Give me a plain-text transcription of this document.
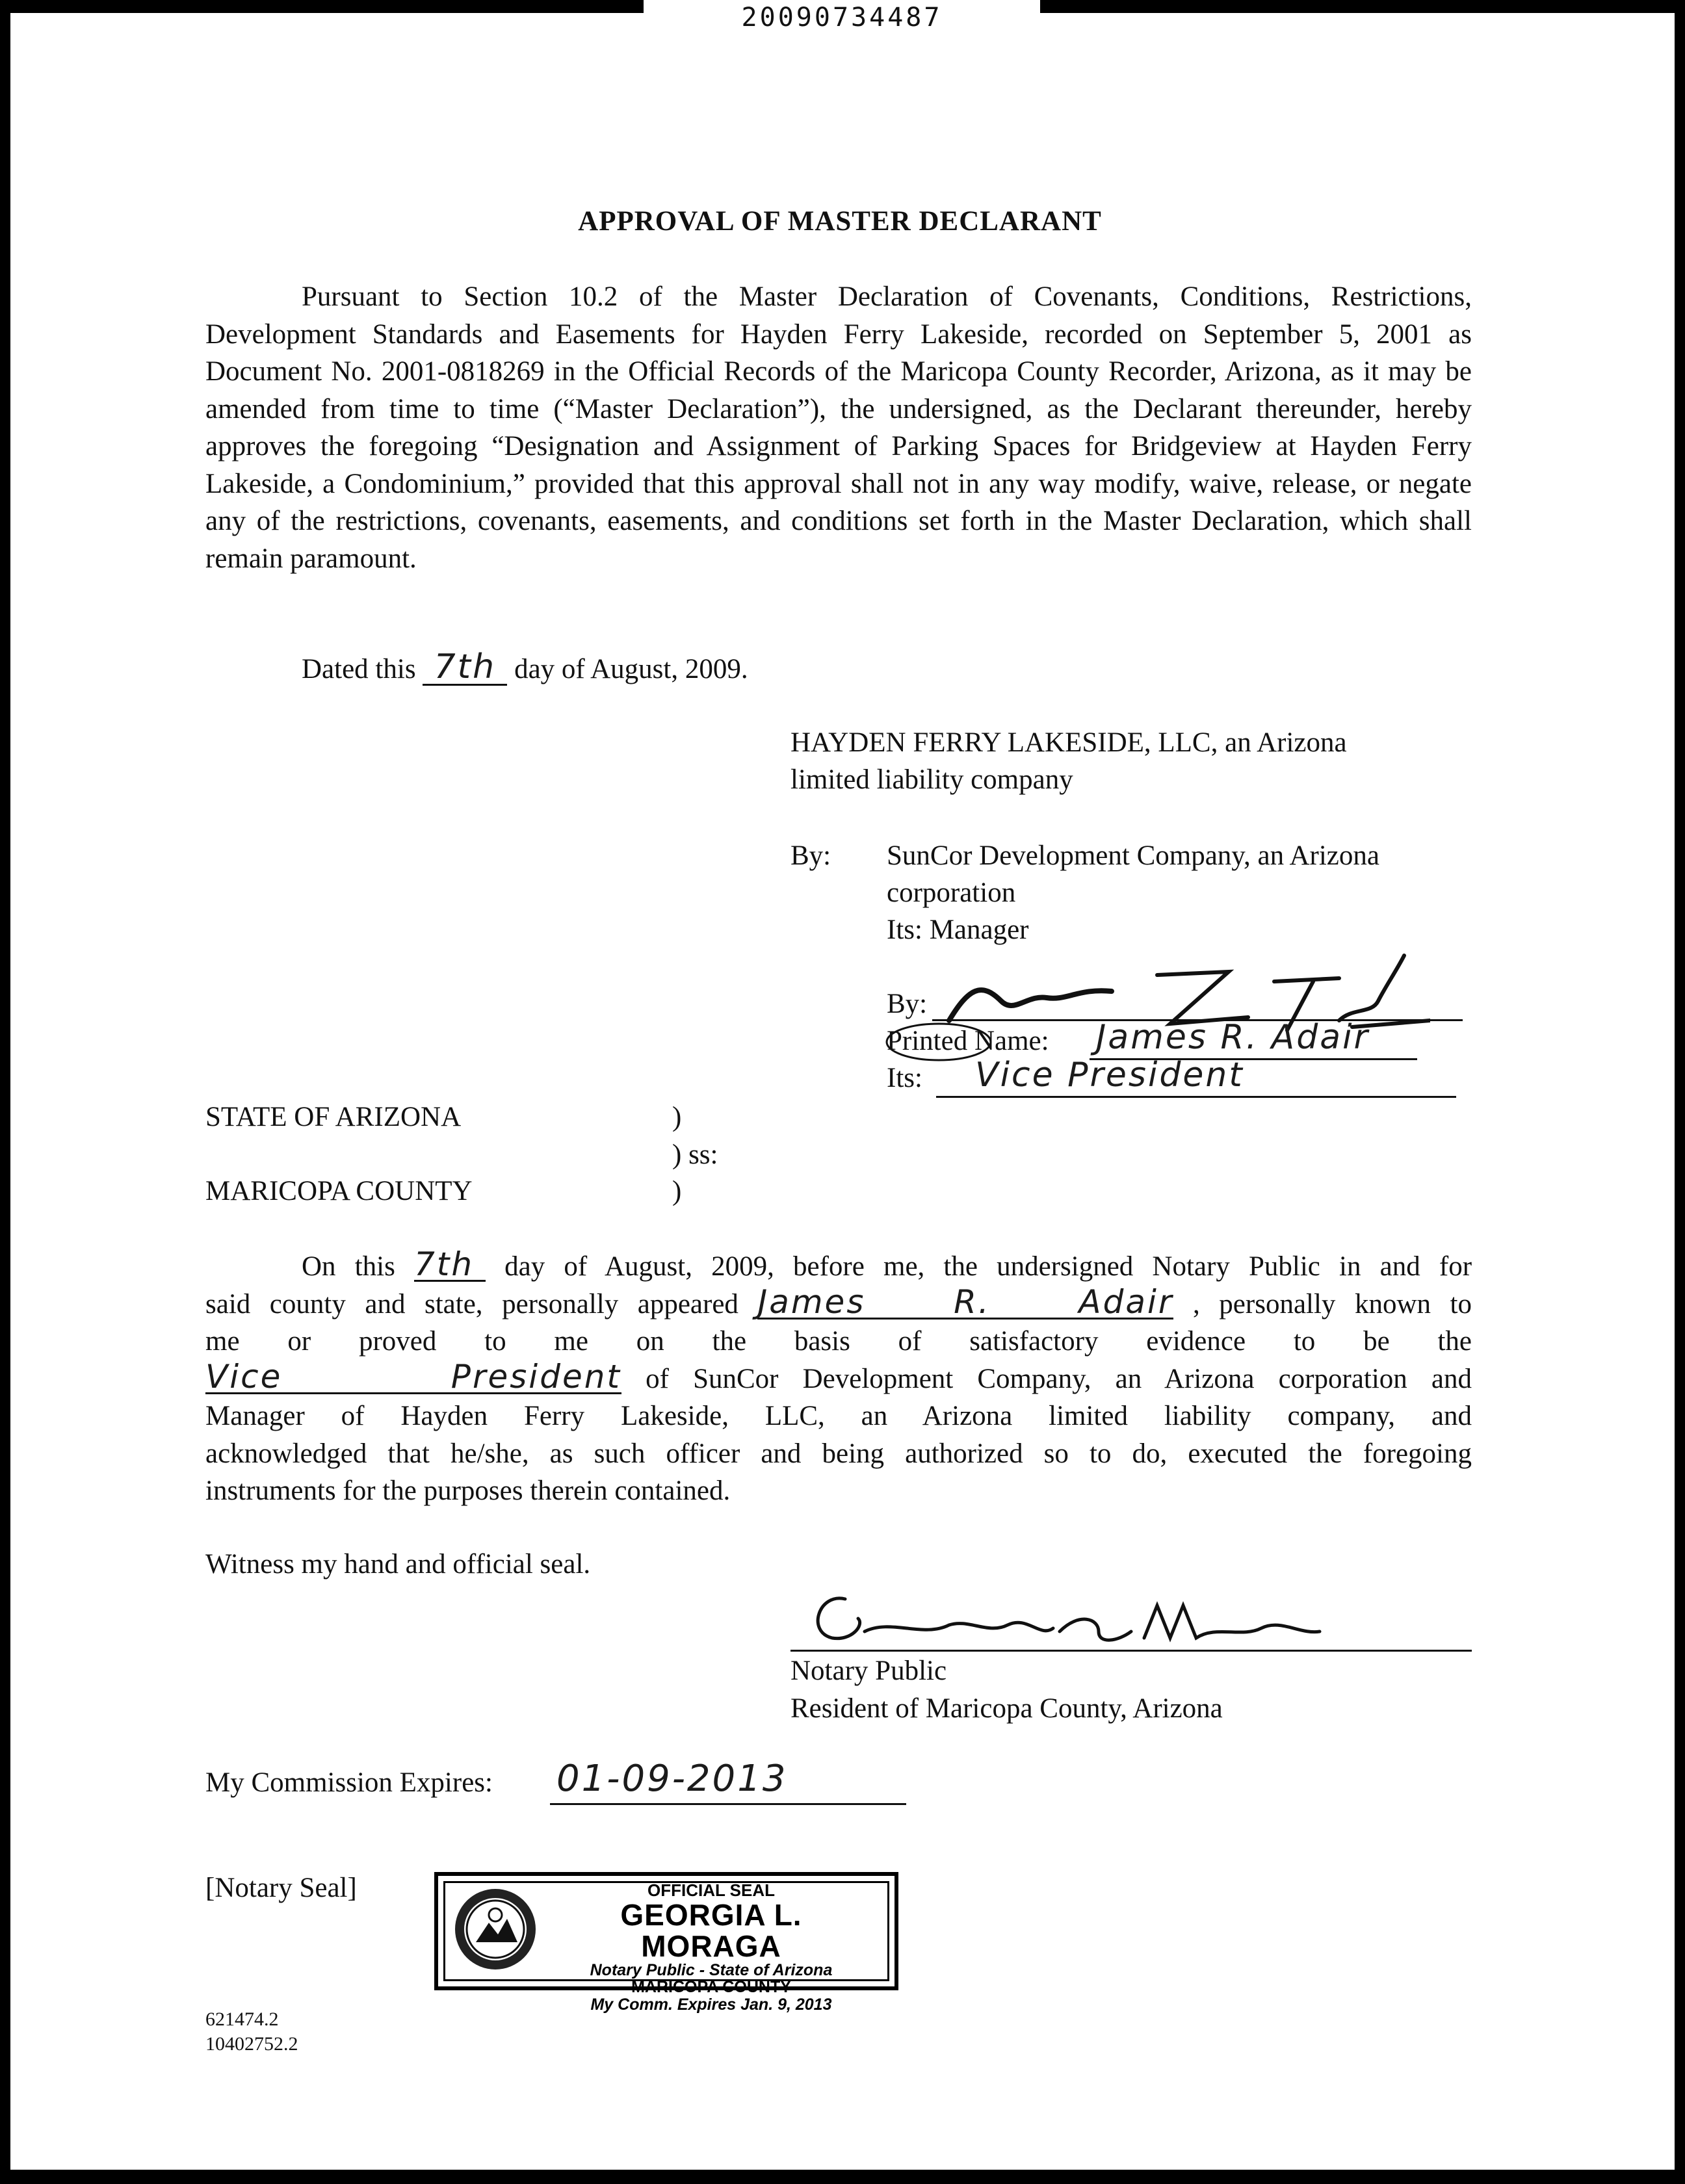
20090734487
APPROVAL OF MASTER DECLARANT

Pursuant to Section 10.2 of the Master Declaration of Covenants, Conditions, Restrictions, Development Standards and Easements for Hayden Ferry Lakeside, recorded on September 5, 2001 as Document No. 2001-0818269 in the Official Records of the Maricopa County Recorder, Arizona, as it may be amended from time to time (“Master Declaration”), the undersigned, as the Declarant thereunder, hereby approves the foregoing “Designation and Assignment of Parking Spaces for Bridgeview at Hayden Ferry Lakeside, a Condominium,” provided that this approval shall not in any way modify, waive, release, or negate any of the restrictions, covenants, easements, and conditions set forth in the Master Declaration, which shall remain paramount.

Dated this 7th day of August, 2009.
HAYDEN FERRY LAKESIDE, LLC, an Arizona
limited liability company
By: SunCor Development Company, an Arizona
corporation
Its: Manager
By:
Printed Name: James R. Adair
Its: Vice President
STATE OF ARIZONA	)
) ss:
MARICOPA COUNTY	)
On this 7th day of August, 2009, before me, the undersigned Notary Public in and for
said county and state, personally appeared James R. Adair , personally known to
me or proved to me on the basis of satisfactory evidence to be the
Vice President of SunCor Development Company, an Arizona corporation and
Manager of Hayden Ferry Lakeside, LLC, an Arizona limited liability company, and
acknowledged that he/she, as such officer and being authorized so to do, executed the foregoing
instruments for the purposes therein contained.
Witness my hand and official seal.
Notary Public
Resident of Maricopa County, Arizona
My Commission Expires: 01-09-2013
[Notary Seal]	OFFICIAL SEAL
GEORGIA L. MORAGA
Notary Public - State of Arizona
MARICOPA COUNTY
My Comm. Expires Jan. 9, 2013
621474.2
10402752.2
